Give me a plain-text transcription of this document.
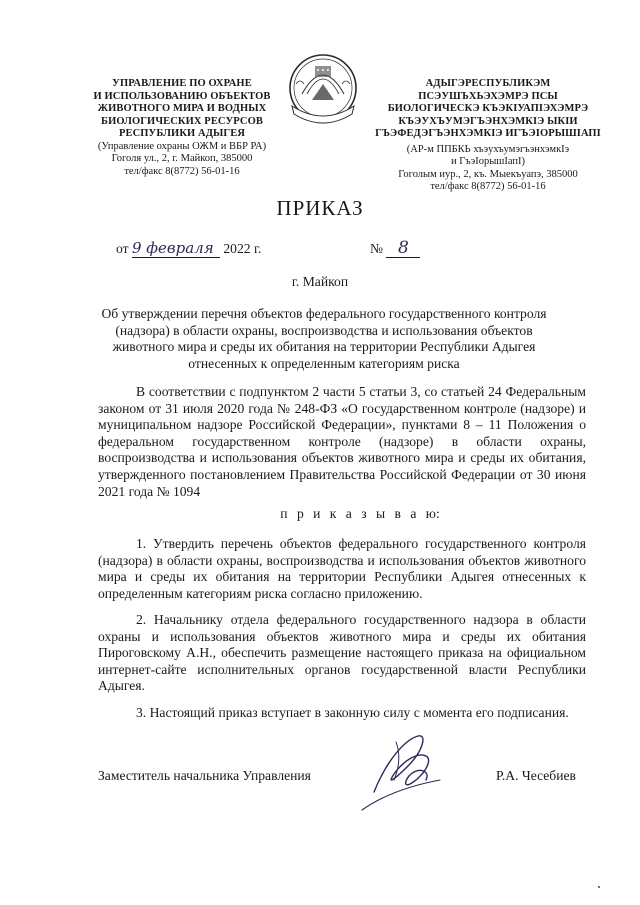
УПРАВЛЕНИЕ ПО ОХРАНЕ
И ИСПОЛЬЗОВАНИЮ ОБЪЕКТОВ
ЖИВОТНОГО МИРА И ВОДНЫХ
БИОЛОГИЧЕСКИХ РЕСУРСОВ
РЕСПУБЛИКИ АДЫГЕЯ
(Управление охраны ОЖМ и ВБР РА)
Гоголя ул., 2, г. Майкоп, 385000
тел/факс 8(8772) 56-01-16
АДЫГЭРЕСПУБЛИКЭМ
ПСЭУШЪХЬЭХЭМРЭ ПСЫ
БИОЛОГИЧЕСКЭ КЪЭКIУАПIЭХЭМРЭ
КЪЭУХЪУМЭГЪЭНХЭМКIЭ ЫКIИ
ГЪЭФЕДЭГЪЭНХЭМКIЭ ИГЪЭIОРЫШIАПI
(АР-м ППБКЬ хъэухъумэгъэнхэмкIэ
и ГъэIорышIапI)
Гоголым иур., 2, къ. Мыекъуапэ, 385000
тел/факс 8(8772) 56-01-16
ПРИКАЗ
от 9 февраля 2022 г.	№ 8
г. Майкоп
Об утверждении перечня объектов федерального государственного контроля
(надзора) в области охраны, воспроизводства и использования объектов
животного мира и среды их обитания на территории Республики Адыгея
отнесенных к определенным категориям риска
В соответствии с подпунктом 2 части 5 статьи 3, со статьей 24 Федеральным законом от 31 июля 2020 года № 248-ФЗ «О государственном контроле (надзоре) и муниципальном надзоре Российской Федерации», пунктами 8 – 11 Положения о федеральном государственном контроле (надзоре) в области охраны, воспроизводства и использования объектов животного мира и среды их обитания, утвержденного постановлением Правительства Российской Федерации от 30 июня 2021 года № 1094
п р и к а з ы в а ю:
1. Утвердить перечень объектов федерального государственного контроля (надзора) в области охраны, воспроизводства и использования объектов животного мира и среды их обитания на территории Республики Адыгея отнесенных к определенным категориям риска согласно приложению.
2. Начальнику отдела федерального государственного надзора в области охраны и использования объектов животного мира и среды их обитания Пироговскому А.Н., обеспечить размещение настоящего приказа на официальном интернет-сайте исполнительных органов государственной власти Республики Адыгея.
3. Настоящий приказ вступает в законную силу с момента его подписания.
Заместитель начальника Управления	Р.А. Чесебиев
